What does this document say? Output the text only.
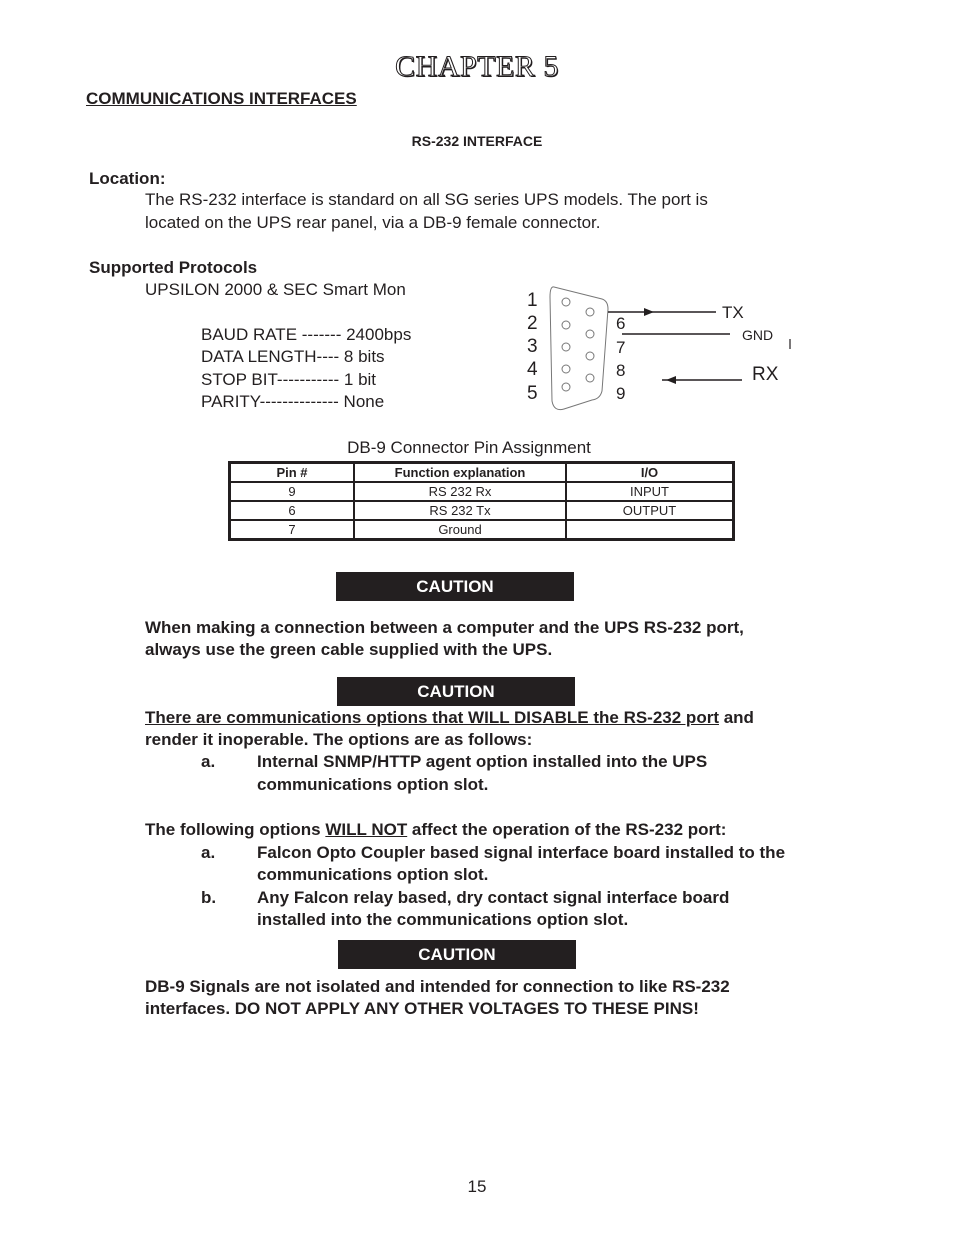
CHAPTER 5
COMMUNICATIONS INTERFACES
RS-232 INTERFACE
Location:
The RS-232 interface is standard on all SG series UPS models. The port is
located on the UPS rear panel, via a DB-9 female connector.
Supported Protocols
UPSILON 2000 & SEC Smart Mon
BAUD RATE ------- 2400bps
DATA LENGTH---- 8 bits
STOP BIT----------- 1 bit
PARITY-------------- None
1
2
3
4
5
6
7
8
9
TX
GND
RX
DB-9 Connector Pin Assignment
Pin #	Function explanation	I/O
9	RS 232 Rx	INPUT
6	RS 232 Tx	OUTPUT
7	Ground	
CAUTION
When making a connection between a computer and the UPS RS-232 port,
always use the green cable supplied with the UPS.
CAUTION
There are communications options that WILL DISABLE the RS-232 port and
render it inoperable. The options are as follows:
a. Internal SNMP/HTTP agent option installed into the UPS
communications option slot.
The following options WILL NOT affect the operation of the RS-232 port:
a. Falcon Opto Coupler based signal interface board installed to the
communications option slot.
b. Any Falcon relay based, dry contact signal interface board
installed into the communications option slot.
CAUTION
DB-9 Signals are not isolated and intended for connection to like RS-232
interfaces. DO NOT APPLY ANY OTHER VOLTAGES TO THESE PINS!
15
